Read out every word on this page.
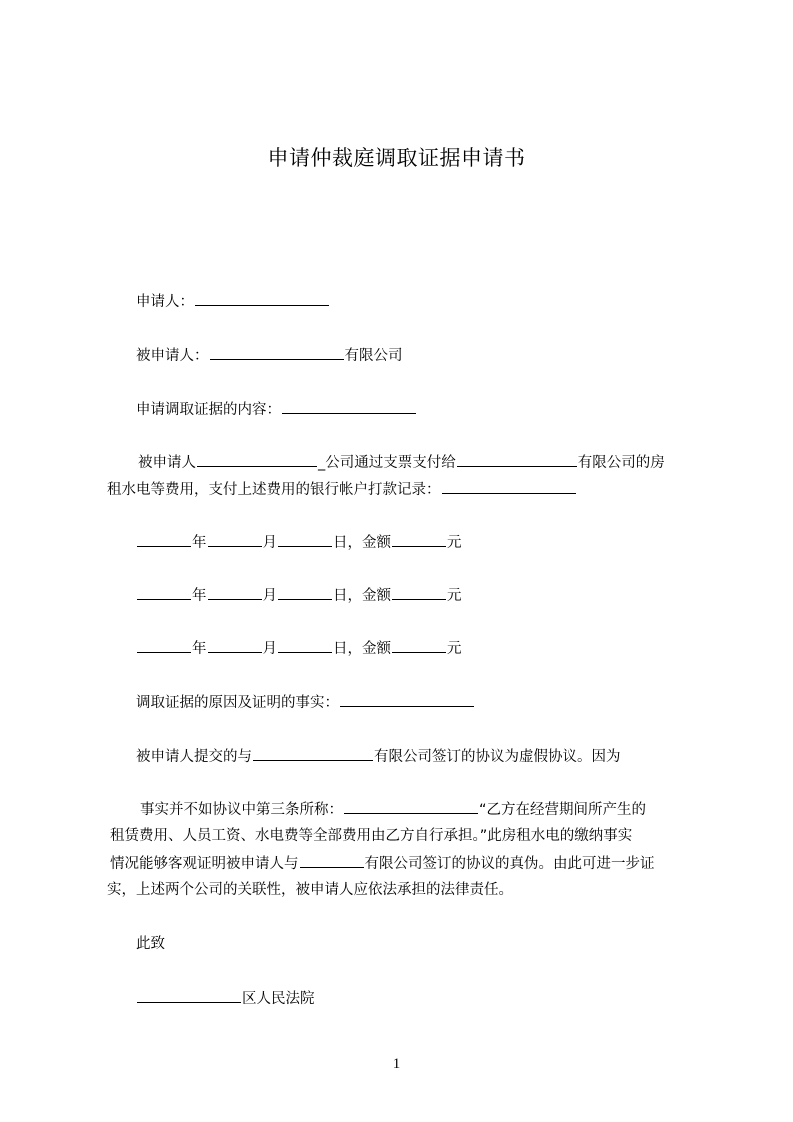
申请仲裁庭调取证据申请书

申请人：

被申请人：	有限公司

申请调取证据的内容：

被申请人	_公司通过支票支付给	有限公司的房

租水电等费用，支付上述费用的银行帐户打款记录：

年	月	日，金额	元

年	月	日，金额	元

年	月	日，金额	元

调取证据的原因及证明的事实：

被申请人提交的与	有限公司签订的协议为虚假协议。因为

事实并不如协议中第三条所称：	“乙方在经营期间所产生的

租赁费用、人员工资、水电费等全部费用由乙方自行承担。”此房租水电的缴纳事实

情况能够客观证明被申请人与	有限公司签订的协议的真伪。由此可进一步证

实，上述两个公司的关联性，被申请人应依法承担的法律责任。

此致

区人民法院

1
